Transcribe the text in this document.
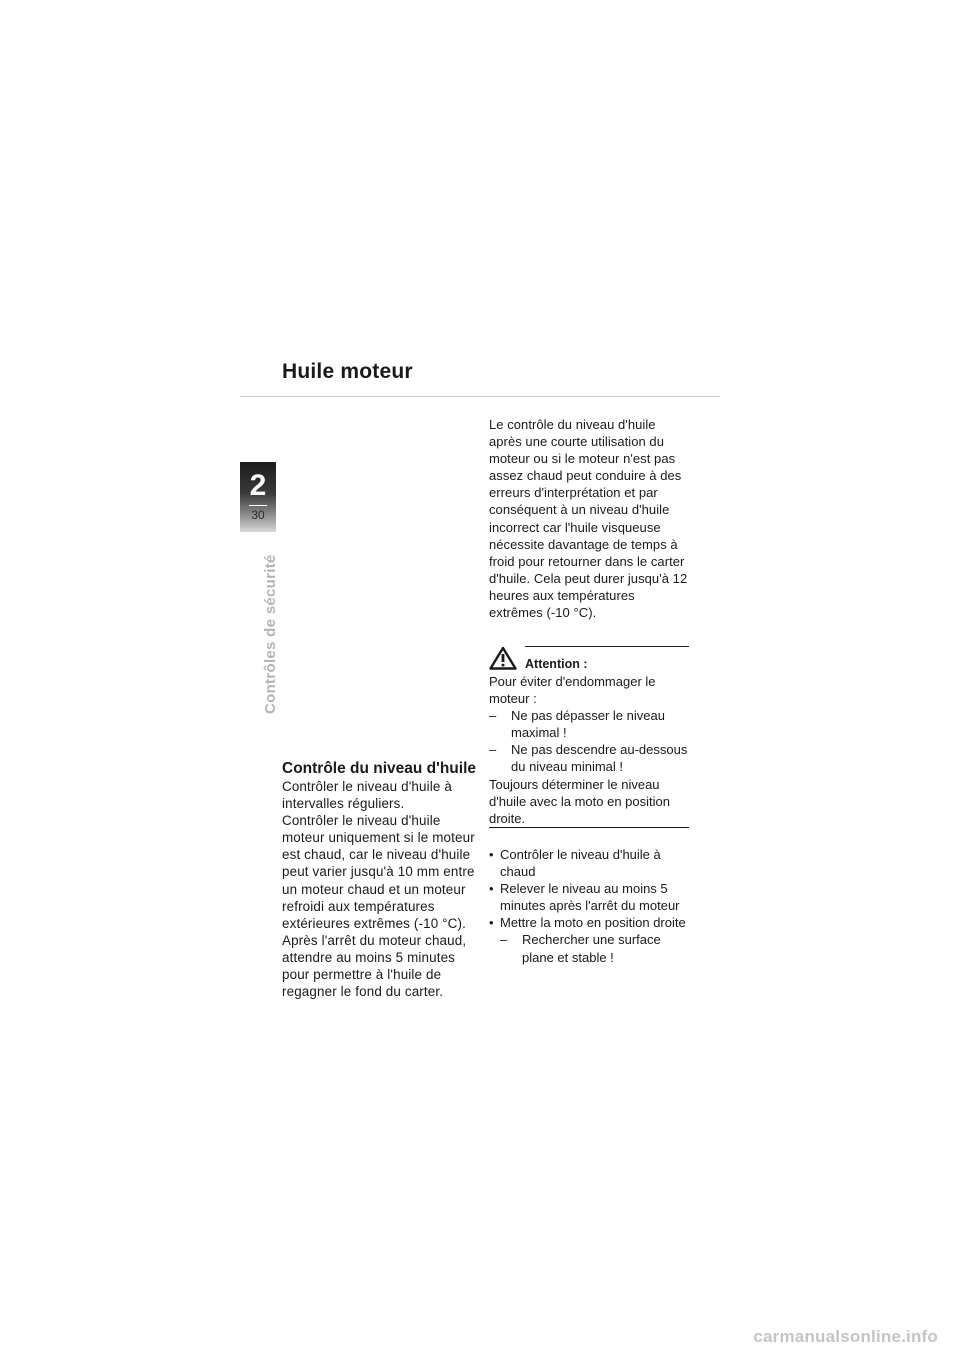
Huile moteur
2
30
Contrôles de sécurité
Contrôle du niveau d'huile

Contrôler le niveau d'huile à intervalles réguliers.

Contrôler le niveau d'huile moteur uniquement si le moteur est chaud, car le niveau d'huile peut varier jusqu'à 10 mm entre un moteur chaud et un moteur refroidi aux températures extérieures extrêmes (-10 °C).

Après l'arrêt du moteur chaud, attendre au moins 5 minutes pour permettre à l'huile de regagner le fond du carter.

Le contrôle du niveau d'huile après une courte utilisation du moteur ou si le moteur n'est pas assez chaud peut conduire à des erreurs d'interprétation et par conséquent à un niveau d'huile incorrect car l'huile visqueuse nécessite davantage de temps à froid pour retourner dans le carter d'huile. Cela peut durer jusqu'à 12 heures aux températures extrêmes (-10 °C).

Attention :

Pour éviter d'endommager le moteur :

– Ne pas dépasser le niveau maximal !
– Ne pas descendre au-dessous du niveau minimal !

Toujours déterminer le niveau d'huile avec la moto en position droite.

• Contrôler le niveau d'huile à chaud
• Relever le niveau au moins 5 minutes après l'arrêt du moteur
• Mettre la moto en position droite
– Rechercher une surface plane et stable !
carmanualsonline.info
